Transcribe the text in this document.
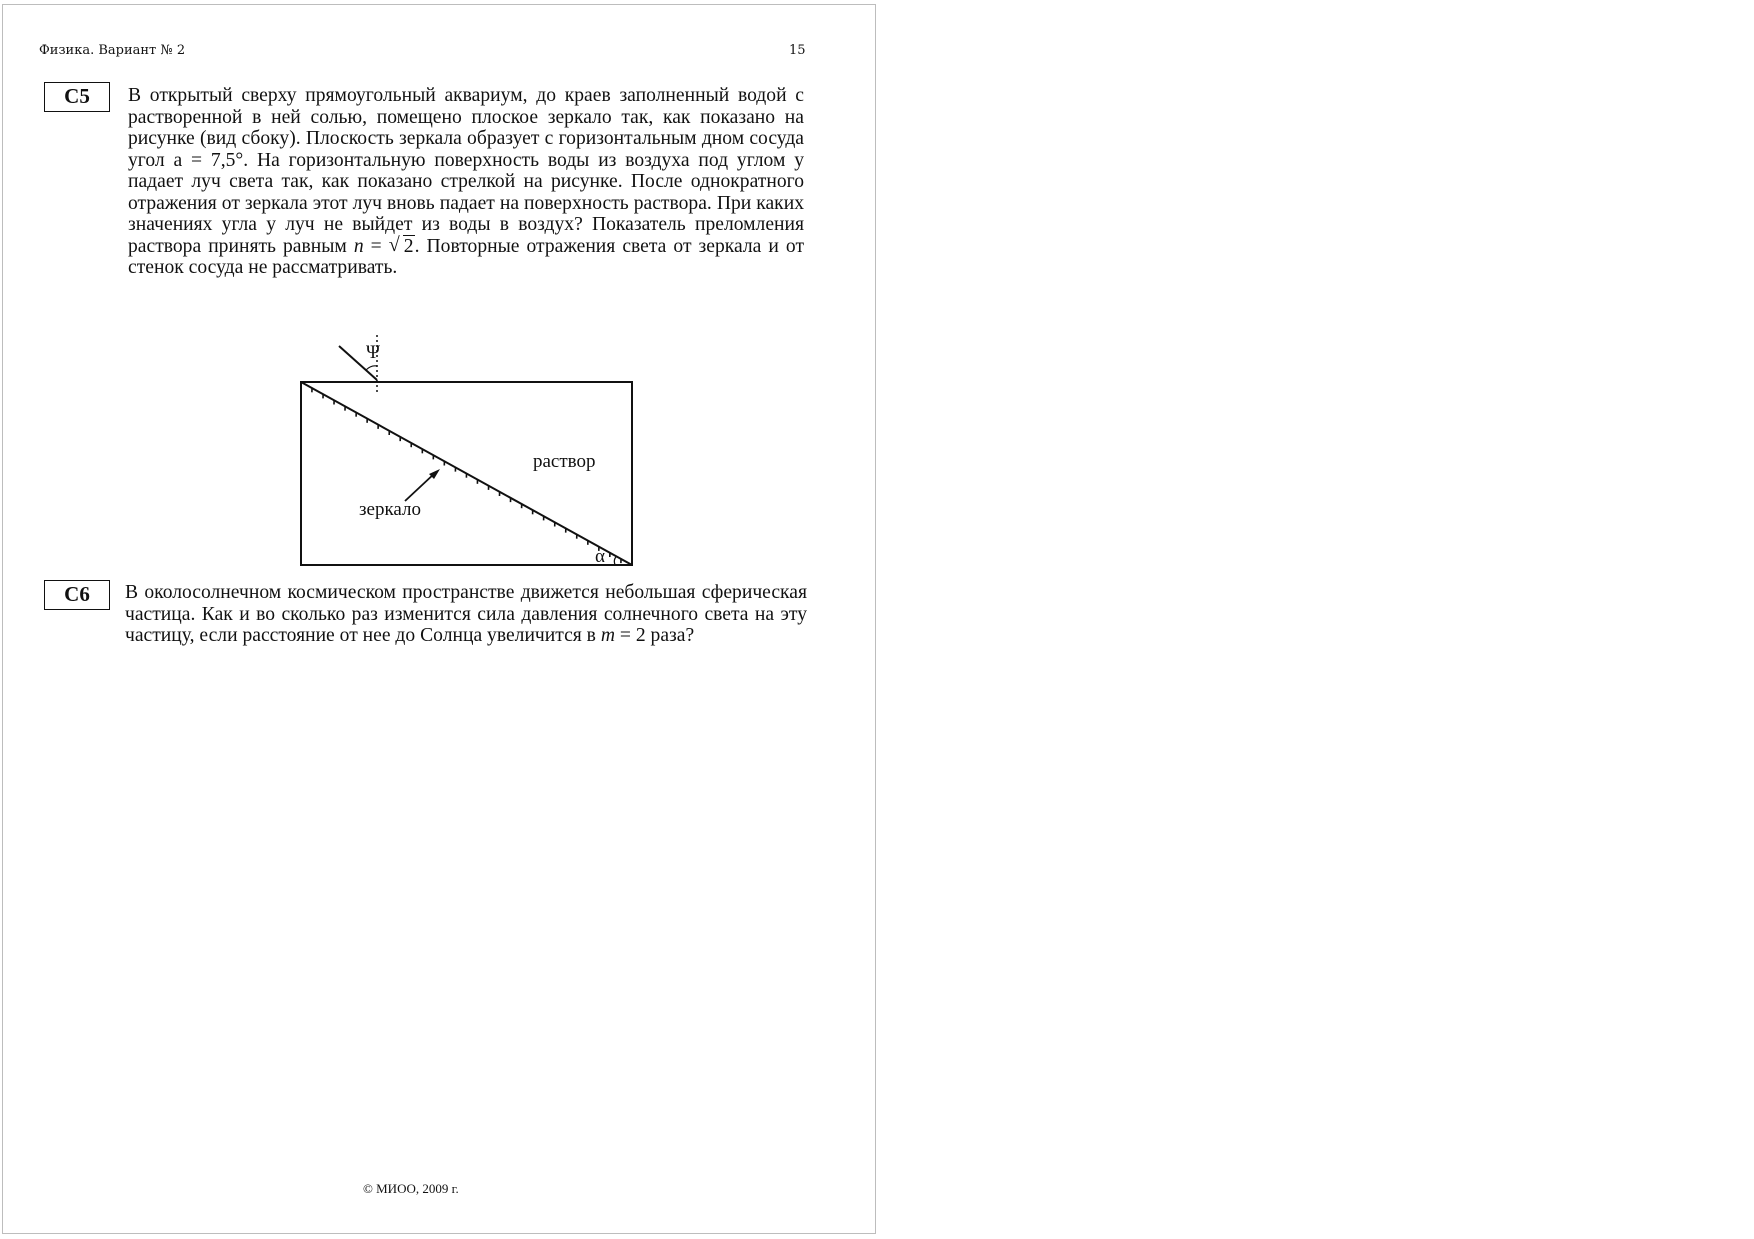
Физика. Вариант № 2	15
С5	В открытый сверху прямоугольный аквариум, до краев заполненный водой с растворенной в ней солью, помещено плоское зеркало так, как показано на рисунке (вид сбоку). Плоскость зеркала образует с горизонтальным дном сосуда угол a = 7,5°. На горизонтальную поверхность воды из воздуха под углом y падает луч света так, как показано стрелкой на рисунке. После однократного отражения от зеркала этот луч вновь падает на поверхность раствора. При каких значениях угла y луч не выйдет из воды в воздух? Показатель преломления раствора принять равным n = √ 2. Повторные отражения света от зеркала и от стенок сосуда не рассматривать.
Ψ
раствор
зеркало
α
С6	В околосолнечном космическом пространстве движется небольшая сферическая частица. Как и во сколько раз изменится сила давления солнечного света на эту частицу, если расстояние от нее до Солнца увеличится в m = 2 раза?
© МИОО, 2009 г.
